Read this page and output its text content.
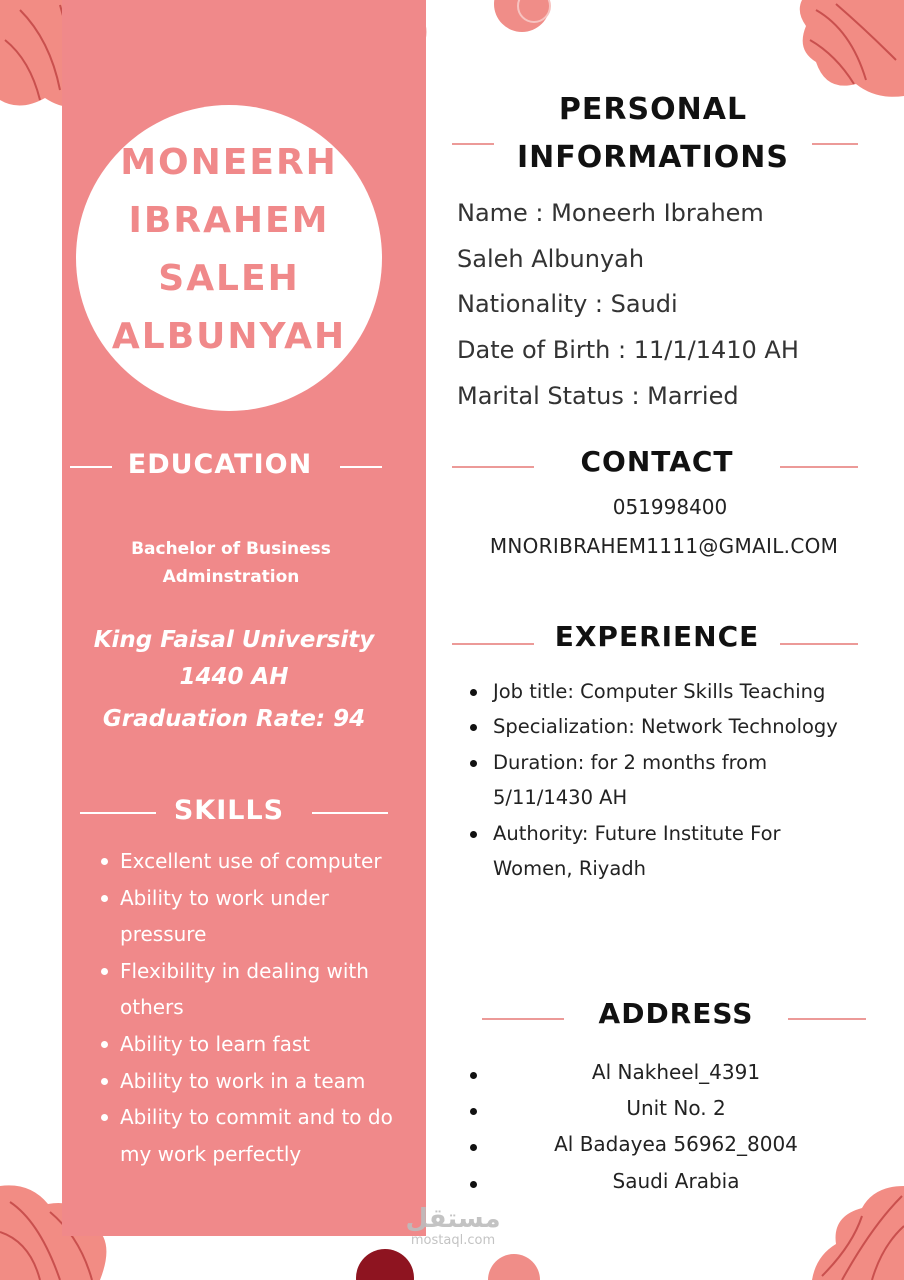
MONEERH
IBRAHEM
SALEH
ALBUNYAH
EDUCATION
Bachelor of Business
Adminstration
King Faisal University
1440 AH
Graduation Rate: 94
SKILLS
Excellent use of computer
Ability to work under pressure
Flexibility in dealing with others
Ability to learn fast
Ability to work in a team
Ability to commit and to do my work perfectly
PERSONAL
INFORMATIONS
Name : Moneerh Ibrahem
Saleh Albunyah
Nationality : Saudi
Date of Birth : 11/1/1410 AH
Marital Status : Married
CONTACT
051998400
MNORIBRAHEM1111@GMAIL.COM
EXPERIENCE
Job title: Computer Skills Teaching
Specialization: Network Technology
Duration: for 2 months from 5/11/1430 AH
Authority: Future Institute For Women, Riyadh
ADDRESS
Al Nakheel_4391
Unit No. 2
Al Badayea 56962_8004
Saudi Arabia
مستقل
mostaql.com
